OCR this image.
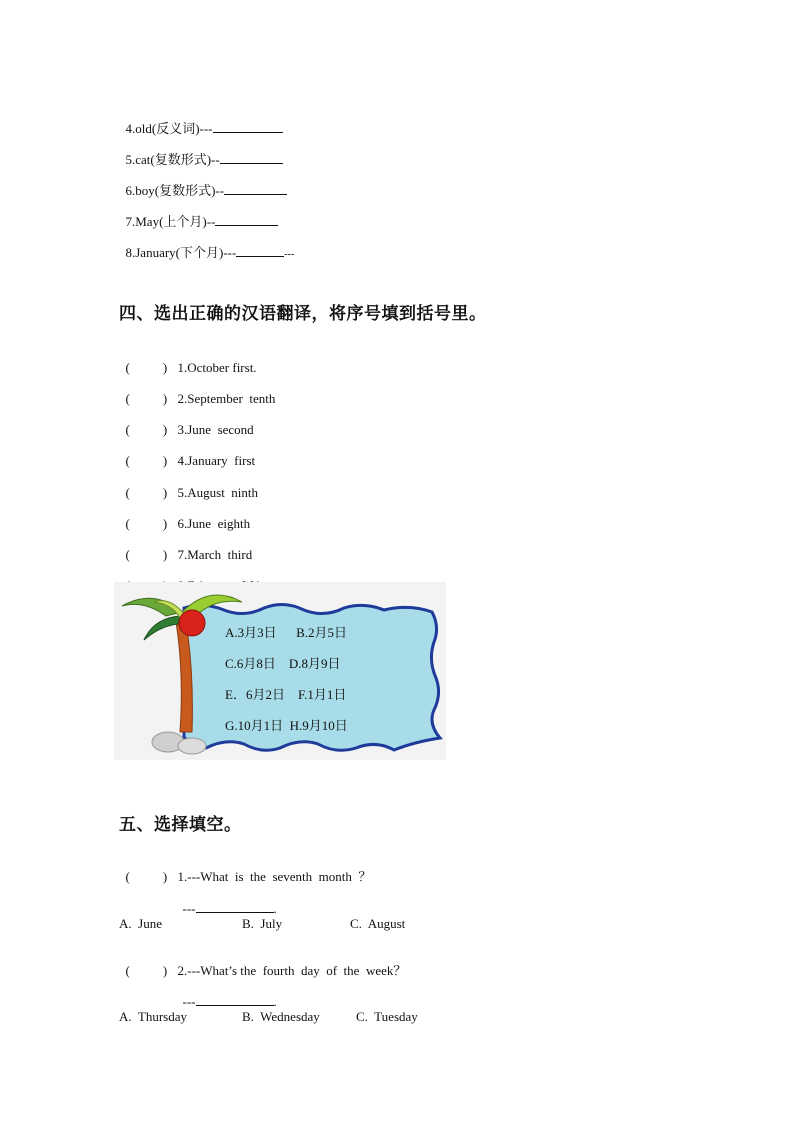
4.old(反义词)---

5.cat(复数形式)--

6.boy(复数形式)--

7.May(上个月)--

8.January(下个月)---	---

四、选出正确的汉语翻译，将序号填到括号里。

(	) 1.October first.

(	) 2.September  tenth

(	) 3.June  second

(	) 4.January  first

(	) 5.August  ninth

(	) 6.June  eighth

(	) 7.March  third

A.3月3日      B.2月5日
C.6月8日    D.8月9日
E．6月2日    F.1月1日
G.10月1日  H.9月10日
五、选择填空。

(	) 1.---What  is  the  seventh  month  ？

---	.

A.  June	B.  July	C.  August

(	) 2.---What’s the  fourth  day  of  the  week？

---	.

A.  Thursday	B.  Wednesday	C.  Tuesday
